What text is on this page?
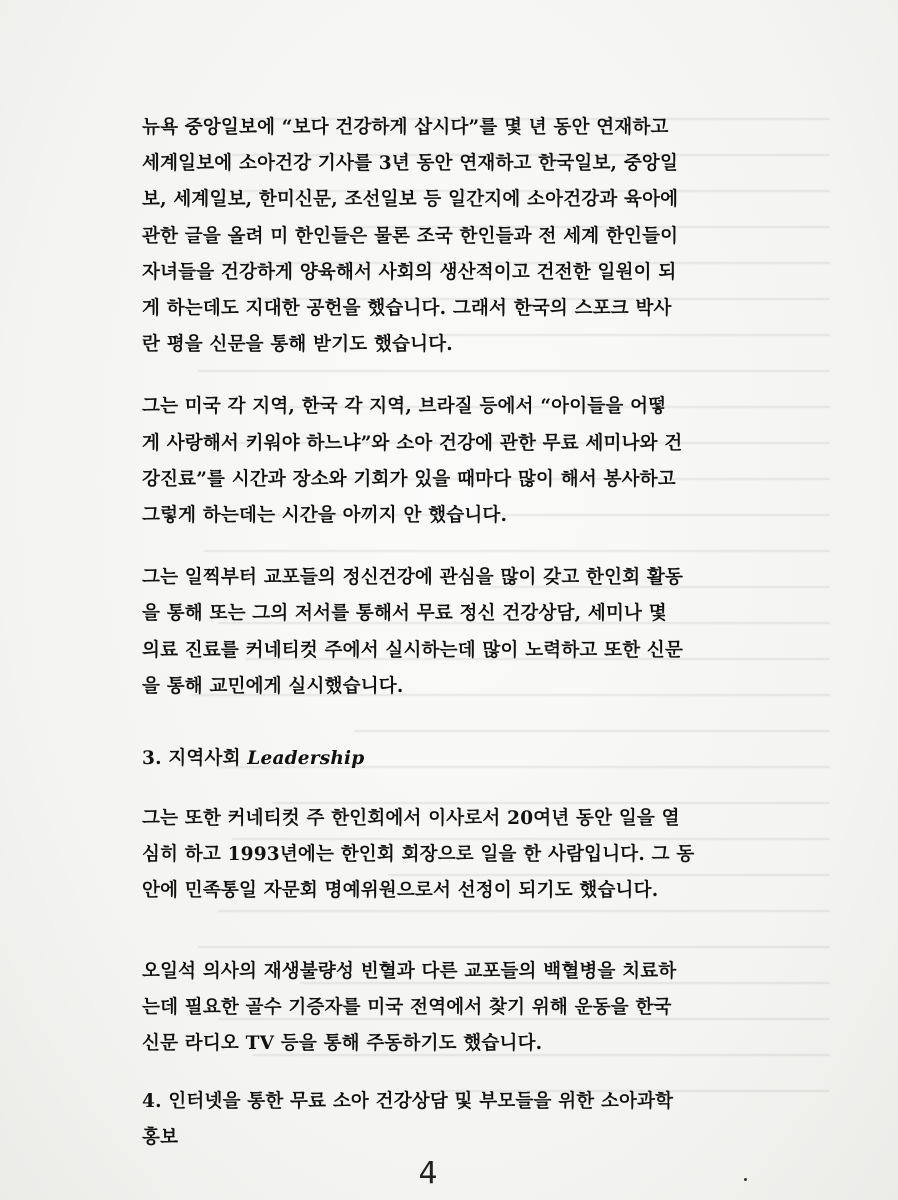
뉴욕 중앙일보에 “보다 건강하게 삽시다”를 몇 년 동안 연재하고
세계일보에 소아건강 기사를 3년 동안 연재하고 한국일보, 중앙일
보, 세계일보, 한미신문, 조선일보 등 일간지에 소아건강과 육아에
관한 글을 올려 미 한인들은 물론 조국 한인들과 전 세계 한인들이
자녀들을 건강하게 양육해서 사회의 생산적이고 건전한 일원이 되
게 하는데도 지대한 공헌을 했습니다. 그래서 한국의 스포크 박사
란 평을 신문을 통해 받기도 했습니다.
그는 미국 각 지역, 한국 각 지역, 브라질 등에서 “아이들을 어떻
게 사랑해서 키워야 하느냐”와 소아 건강에 관한 무료 세미나와 건
강진료”를 시간과 장소와 기회가 있을 때마다 많이 해서 봉사하고
그렇게 하는데는 시간을 아끼지 안 했습니다.
그는 일찍부터 교포들의 정신건강에 관심을 많이 갖고 한인회 활동
을 통해 또는 그의 저서를 통해서 무료 정신 건강상담, 세미나 몇
의료 진료를 커네티컷 주에서 실시하는데 많이 노력하고 또한 신문
을 통해 교민에게 실시했습니다.
3. 지역사회 Leadership
그는 또한 커네티컷 주 한인회에서 이사로서 20여년 동안 일을 열
심히 하고 1993년에는 한인회 회장으로 일을 한 사람입니다. 그 동
안에 민족통일 자문회 명예위원으로서 선정이 되기도 했습니다.
오일석 의사의 재생불량성 빈혈과 다른 교포들의 백혈병을 치료하
는데 필요한 골수 기증자를 미국 전역에서 찾기 위해 운동을 한국
신문 라디오 TV 등을 통해 주동하기도 했습니다.
4. 인터넷을 통한 무료 소아 건강상담 및 부모들을 위한 소아과학
홍보
4
